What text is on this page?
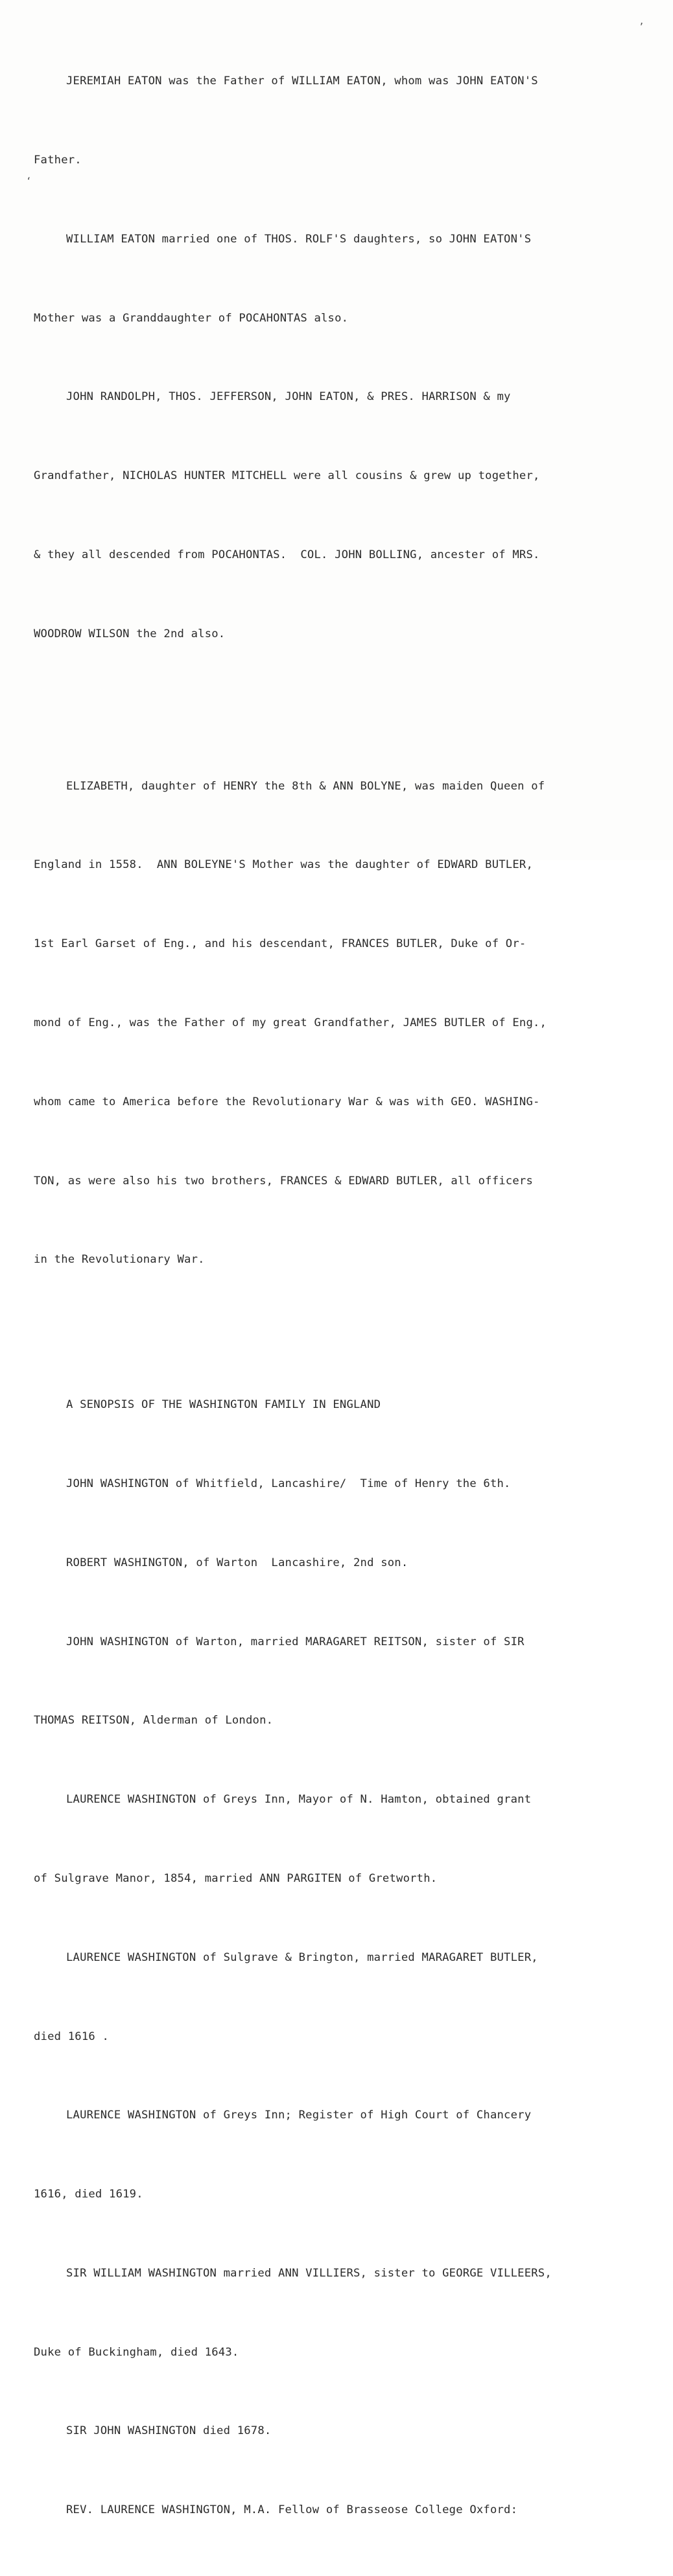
JEREMIAH EATON was the Father of WILLIAM EATON, whom was JOHN EATON'S

Father.

WILLIAM EATON married one of THOS. ROLF'S daughters, so JOHN EATON'S

Mother was a Granddaughter of POCAHONTAS also.

JOHN RANDOLPH, THOS. JEFFERSON, JOHN EATON, & PRES. HARRISON & my

Grandfather, NICHOLAS HUNTER MITCHELL were all cousins & grew up together,

& they all descended from POCAHONTAS.  COL. JOHN BOLLING, ancester of MRS.

WOODROW WILSON the 2nd also.

ELIZABETH, daughter of HENRY the 8th & ANN BOLYNE, was maiden Queen of

England in 1558.  ANN BOLEYNE'S Mother was the daughter of EDWARD BUTLER,

1st Earl Garset of Eng., and his descendant, FRANCES BUTLER, Duke of Or-

mond of Eng., was the Father of my great Grandfather, JAMES BUTLER of Eng.,

whom came to America before the Revolutionary War & was with GEO. WASHING-

TON, as were also his two brothers, FRANCES & EDWARD BUTLER, all officers

in the Revolutionary War.

A SENOPSIS OF THE WASHINGTON FAMILY IN ENGLAND

JOHN WASHINGTON of Whitfield, Lancashire/  Time of Henry the 6th.

ROBERT WASHINGTON, of Warton  Lancashire, 2nd son.

JOHN WASHINGTON of Warton, married MARAGARET REITSON, sister of SIR

THOMAS REITSON, Alderman of London.

LAURENCE WASHINGTON of Greys Inn, Mayor of N. Hamton, obtained grant

of Sulgrave Manor, 1854, married ANN PARGITEN of Gretworth.

LAURENCE WASHINGTON of Sulgrave & Brington, married MARAGARET BUTLER,

died 1616 .

LAURENCE WASHINGTON of Greys Inn; Register of High Court of Chancery

1616, died 1619.

SIR WILLIAM WASHINGTON married ANN VILLIERS, sister to GEORGE VILLEERS,

Duke of Buckingham, died 1643.

SIR JOHN WASHINGTON died 1678.

REV. LAURENCE WASHINGTON, M.A. Fellow of Brasseose College Oxford:

’
‘
